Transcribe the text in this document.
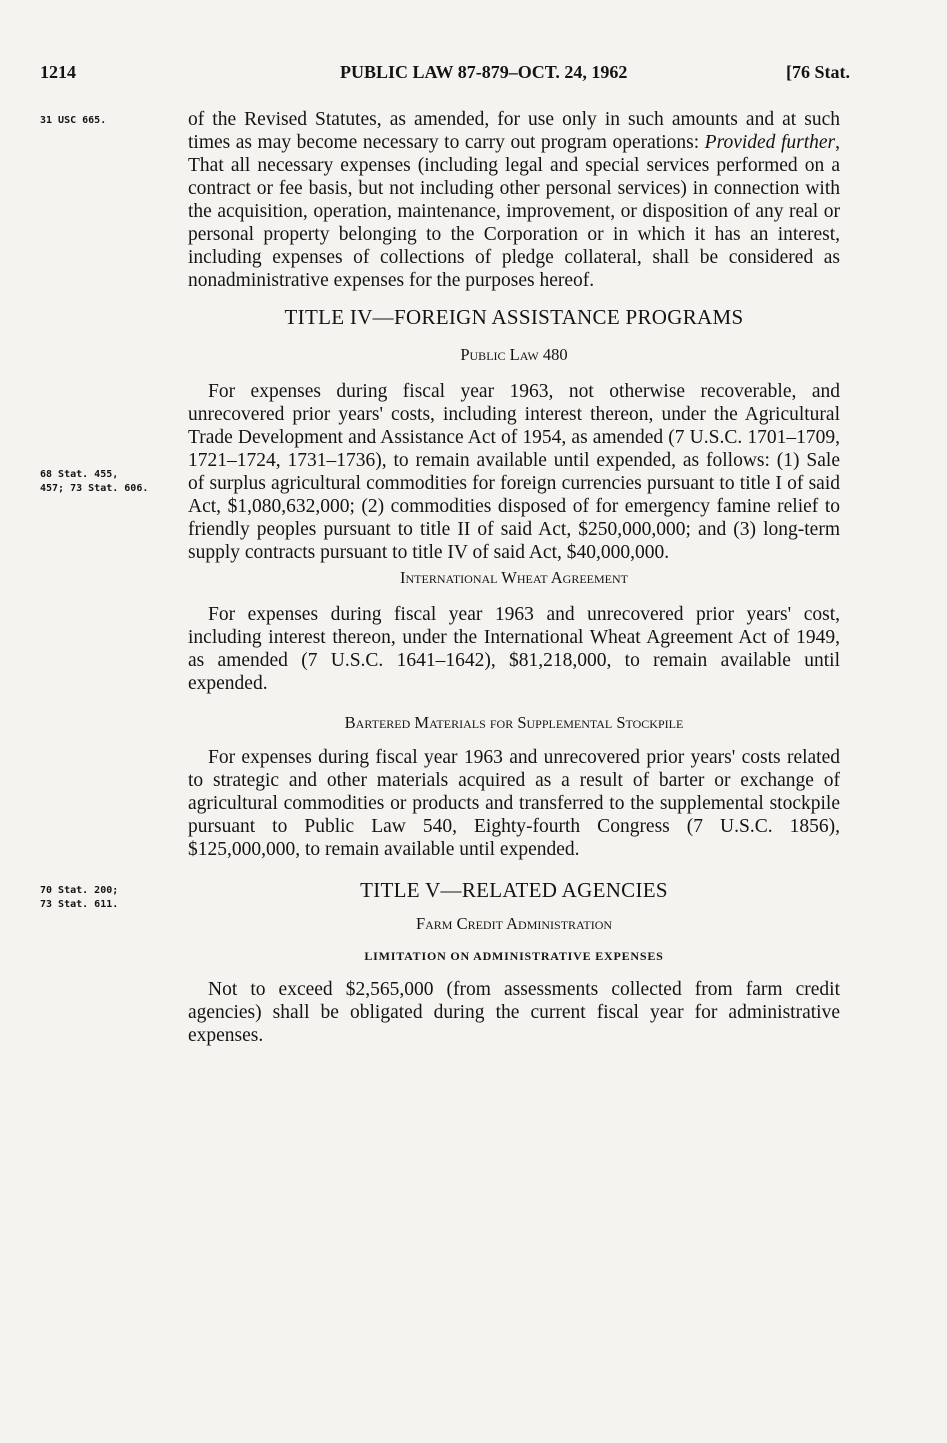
1214	PUBLIC LAW 87-879–OCT. 24, 1962	[76 Stat.
31 USC 665.
68 Stat. 455,
457; 73 Stat. 606.
70 Stat. 200;
73 Stat. 611.

of the Revised Statutes, as amended, for use only in such amounts and at such times as may become necessary to carry out program operations: Provided further, That all necessary expenses (including legal and special services performed on a contract or fee basis, but not including other personal services) in connection with the acquisition, operation, maintenance, improvement, or disposition of any real or personal property belonging to the Corporation or in which it has an interest, including expenses of collections of pledge collateral, shall be considered as nonadministrative expenses for the purposes hereof.

TITLE IV—FOREIGN ASSISTANCE PROGRAMS

Public Law 480

For expenses during fiscal year 1963, not otherwise recoverable, and unrecovered prior years' costs, including interest thereon, under the Agricultural Trade Development and Assistance Act of 1954, as amended (7 U.S.C. 1701–1709, 1721–1724, 1731–1736), to remain available until expended, as follows: (1) Sale of surplus agricultural commodities for foreign currencies pursuant to title I of said Act, $1,080,632,000; (2) commodities disposed of for emergency famine relief to friendly peoples pursuant to title II of said Act, $250,000,000; and (3) long-term supply contracts pursuant to title IV of said Act, $40,000,000.

International Wheat Agreement

For expenses during fiscal year 1963 and unrecovered prior years' cost, including interest thereon, under the International Wheat Agreement Act of 1949, as amended (7 U.S.C. 1641–1642), $81,218,000, to remain available until expended.

Bartered Materials for Supplemental Stockpile

For expenses during fiscal year 1963 and unrecovered prior years' costs related to strategic and other materials acquired as a result of barter or exchange of agricultural commodities or products and transferred to the supplemental stockpile pursuant to Public Law 540, Eighty-fourth Congress (7 U.S.C. 1856), $125,000,000, to remain available until expended.

TITLE V—RELATED AGENCIES

Farm Credit Administration

LIMITATION ON ADMINISTRATIVE EXPENSES

Not to exceed $2,565,000 (from assessments collected from farm credit agencies) shall be obligated during the current fiscal year for administrative expenses.
